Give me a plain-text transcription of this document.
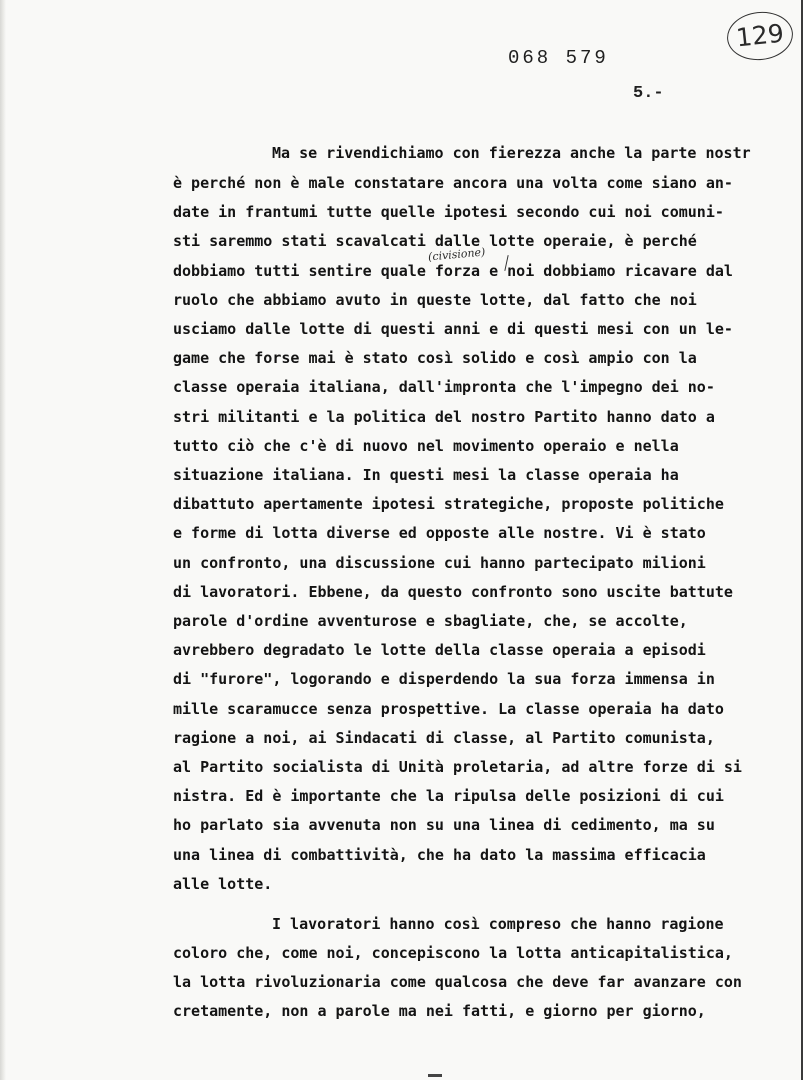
129
068 579
5.-
(civisione)
Ma se rivendichiamo con fierezza anche la parte nostr
è perché non è male constatare ancora una volta come siano an-
date in frantumi tutte quelle ipotesi secondo cui noi comuni-
sti saremmo stati scavalcati dalle lotte operaie, è perché
dobbiamo tutti sentire quale forza e noi dobbiamo ricavare dal
ruolo che abbiamo avuto in queste lotte, dal fatto che noi
usciamo dalle lotte di questi anni e di questi mesi con un le-
game che forse mai è stato così solido e così ampio con la
classe operaia italiana, dall'impronta che l'impegno dei no-
stri militanti e la politica del nostro Partito hanno dato a
tutto ciò che c'è di nuovo nel movimento operaio e nella
situazione italiana. In questi mesi la classe operaia ha
dibattuto apertamente ipotesi strategiche, proposte politiche
e forme di lotta diverse ed opposte alle nostre. Vi è stato
un confronto, una discussione cui hanno partecipato milioni
di lavoratori. Ebbene, da questo confronto sono uscite battute
parole d'ordine avventurose e sbagliate, che, se accolte,
avrebbero degradato le lotte della classe operaia a episodi
di "furore", logorando e disperdendo la sua forza immensa in
mille scaramucce senza prospettive. La classe operaia ha dato
ragione a noi, ai Sindacati di classe, al Partito comunista,
al Partito socialista di Unità proletaria, ad altre forze di si
nistra. Ed è importante che la ripulsa delle posizioni di cui
ho parlato sia avvenuta non su una linea di cedimento, ma su
una linea di combattività, che ha dato la massima efficacia
alle lotte.
I lavoratori hanno così compreso che hanno ragione
coloro che, come noi, concepiscono la lotta anticapitalistica,
la lotta rivoluzionaria come qualcosa che deve far avanzare con
cretamente, non a parole ma nei fatti, e giorno per giorno,
